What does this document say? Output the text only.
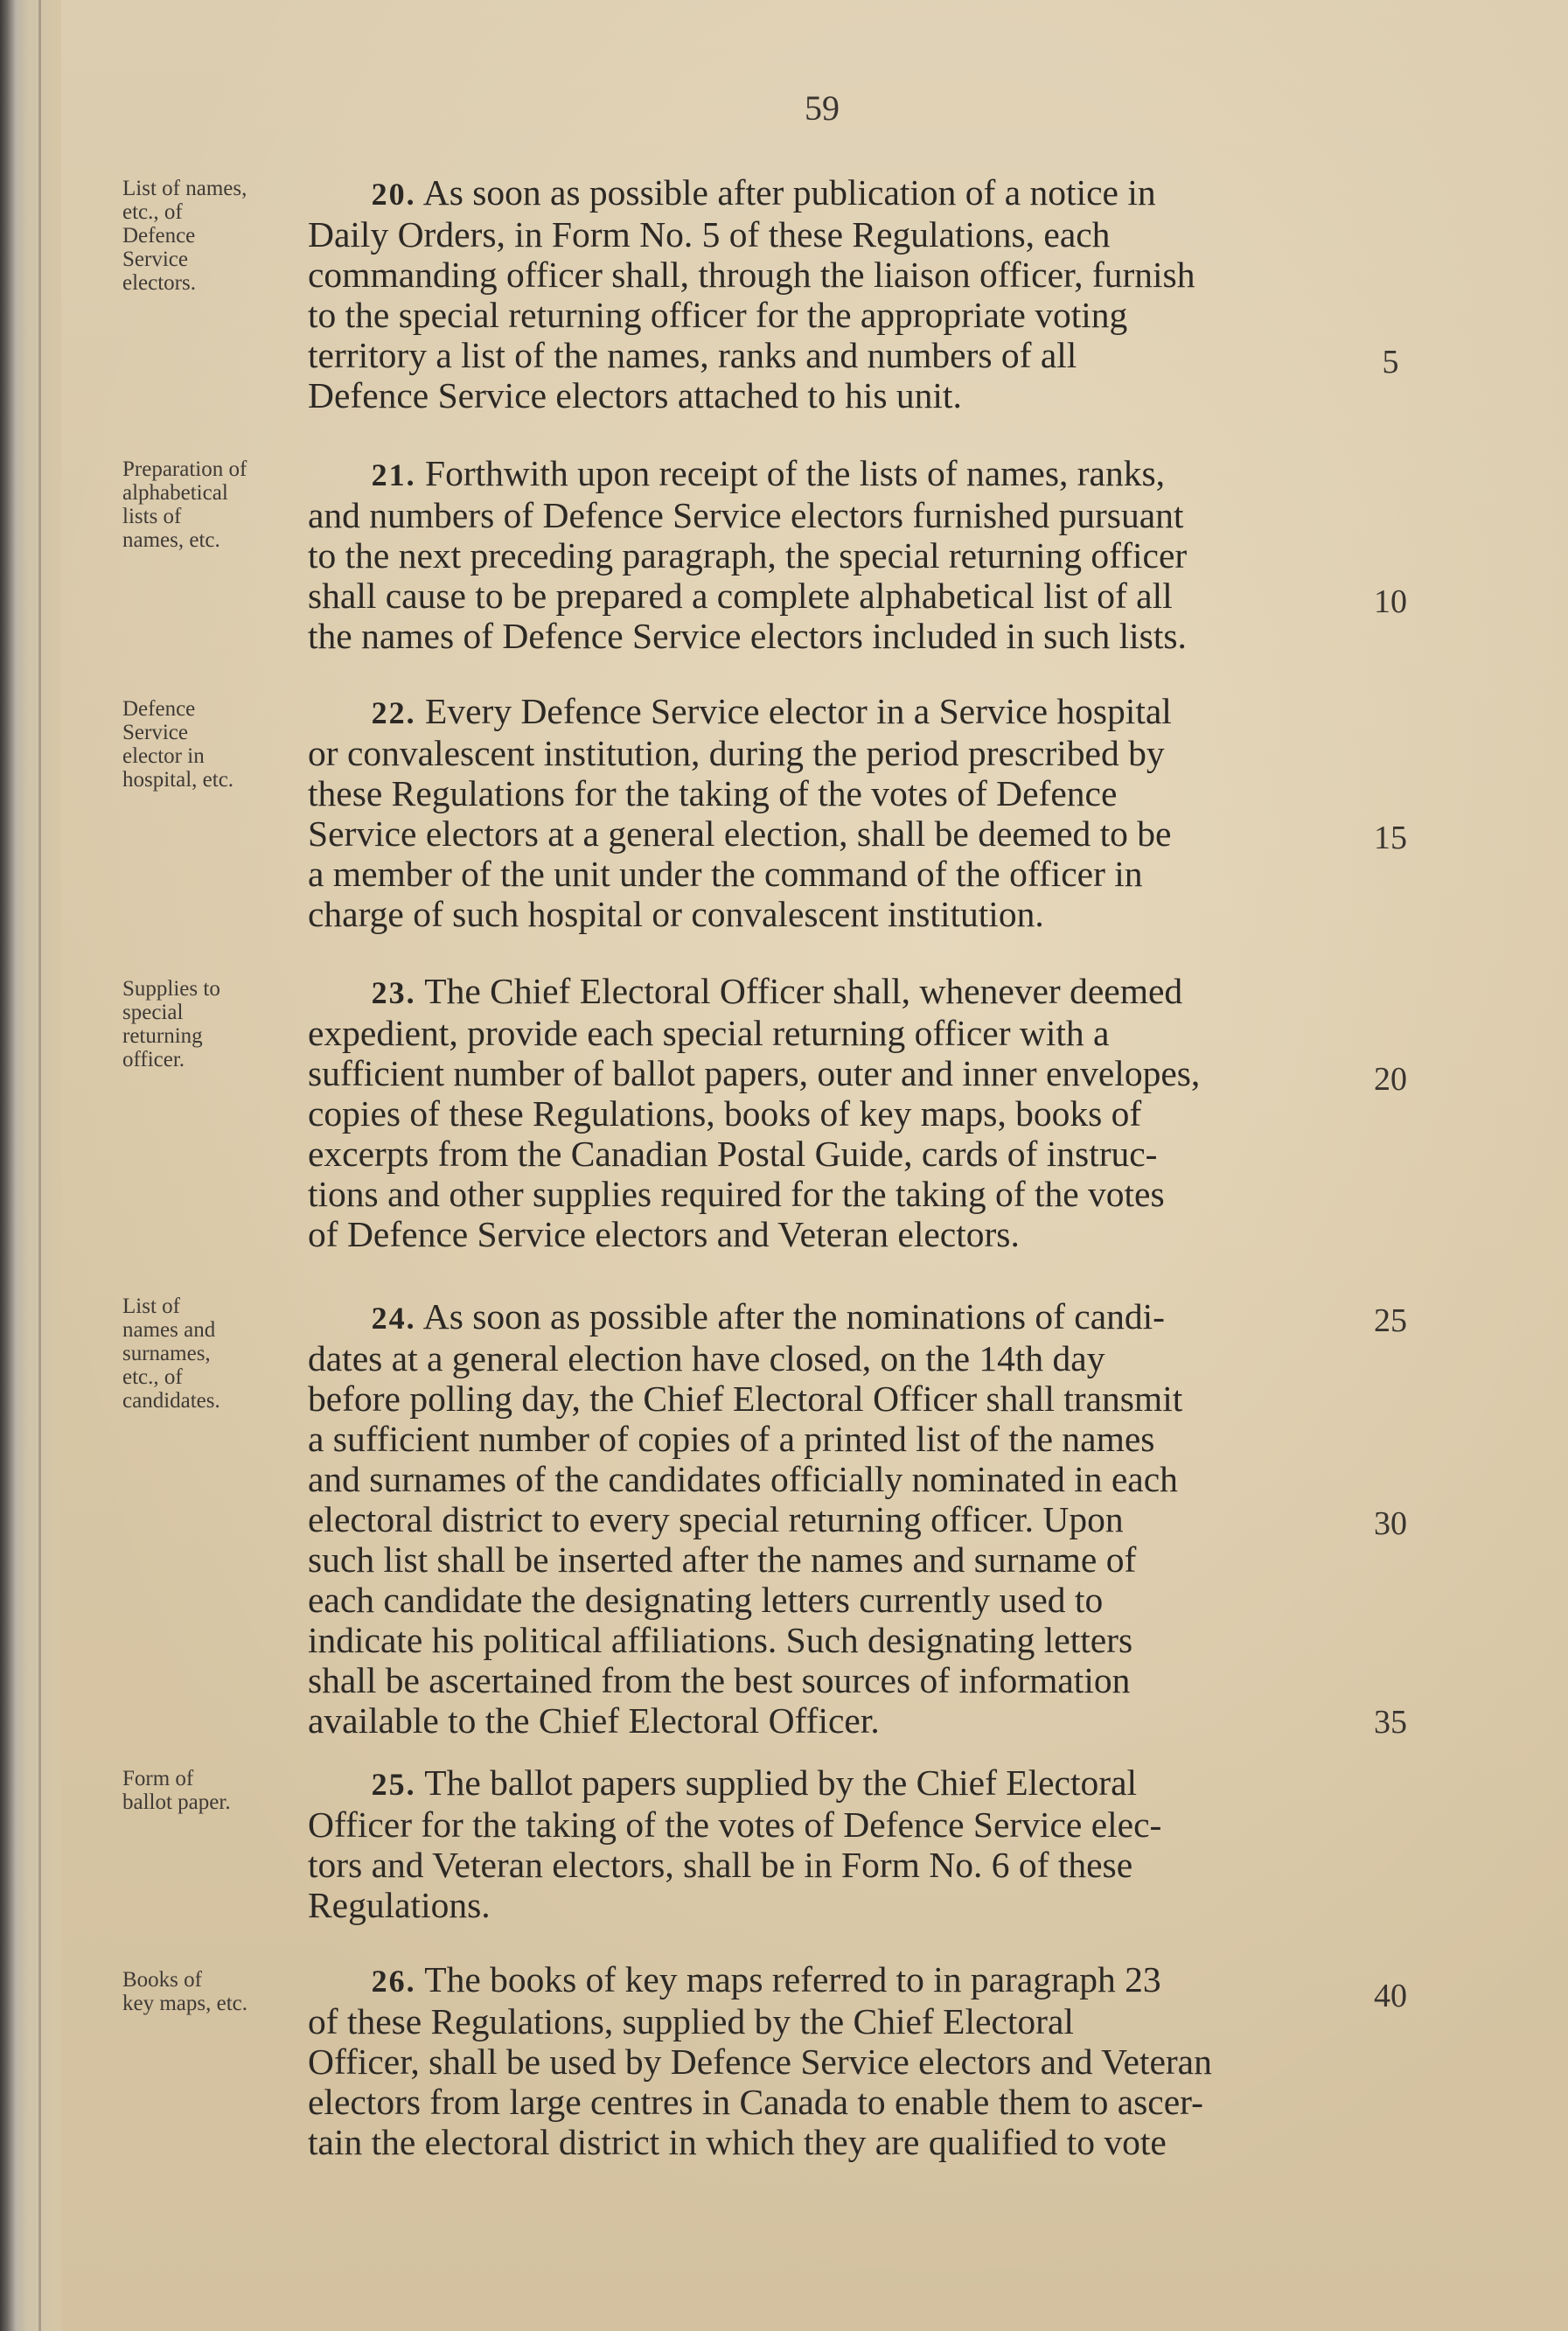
59
List of names,
etc., of
Defence
Service
electors.
20. As soon as possible after publication of a notice in
Daily Orders, in Form No. 5 of these Regulations, each
commanding officer shall, through the liaison officer, furnish
to the special returning officer for the appropriate voting
territory a list of the names, ranks and numbers of all
Defence Service electors attached to his unit.
Preparation of
alphabetical
lists of
names, etc.
21. Forthwith upon receipt of the lists of names, ranks,
and numbers of Defence Service electors furnished pursuant
to the next preceding paragraph, the special returning officer
shall cause to be prepared a complete alphabetical list of all
the names of Defence Service electors included in such lists.
Defence
Service
elector in
hospital, etc.
22. Every Defence Service elector in a Service hospital
or convalescent institution, during the period prescribed by
these Regulations for the taking of the votes of Defence
Service electors at a general election, shall be deemed to be
a member of the unit under the command of the officer in
charge of such hospital or convalescent institution.
Supplies to
special
returning
officer.
23. The Chief Electoral Officer shall, whenever deemed
expedient, provide each special returning officer with a
sufficient number of ballot papers, outer and inner envelopes,
copies of these Regulations, books of key maps, books of
excerpts from the Canadian Postal Guide, cards of instruc-
tions and other supplies required for the taking of the votes
of Defence Service electors and Veteran electors.
List of
names and
surnames,
etc., of
candidates.
24. As soon as possible after the nominations of candi-
dates at a general election have closed, on the 14th day
before polling day, the Chief Electoral Officer shall transmit
a sufficient number of copies of a printed list of the names
and surnames of the candidates officially nominated in each
electoral district to every special returning officer. Upon
such list shall be inserted after the names and surname of
each candidate the designating letters currently used to
indicate his political affiliations. Such designating letters
shall be ascertained from the best sources of information
available to the Chief Electoral Officer.
Form of
ballot paper.
25. The ballot papers supplied by the Chief Electoral
Officer for the taking of the votes of Defence Service elec-
tors and Veteran electors, shall be in Form No. 6 of these
Regulations.
Books of
key maps, etc.
26. The books of key maps referred to in paragraph 23
of these Regulations, supplied by the Chief Electoral
Officer, shall be used by Defence Service electors and Veteran
electors from large centres in Canada to enable them to ascer-
tain the electoral district in which they are qualified to vote
5
10
15
20
25
30
35
40
